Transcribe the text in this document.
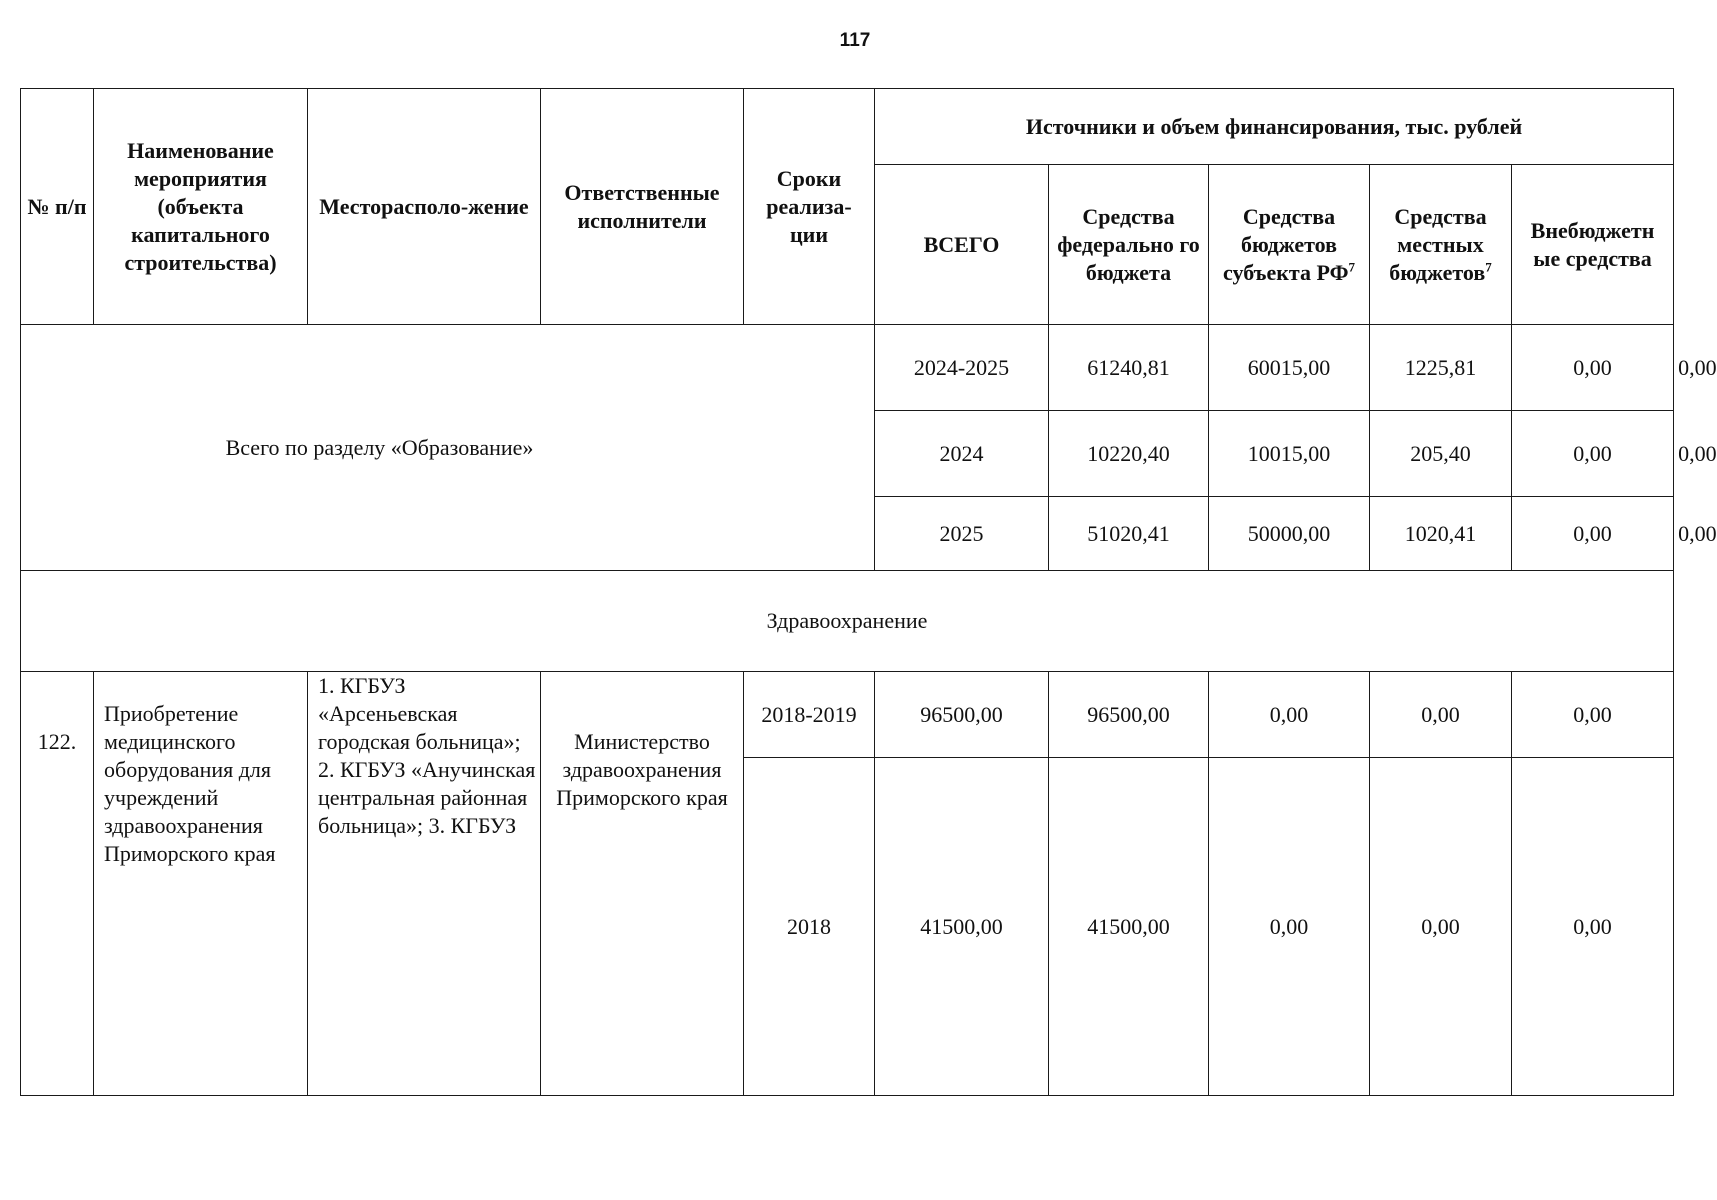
117
№ п/п	Наименование мероприятия (объекта капитального строительства)	Месторасполо-жение	Ответственные исполнители	Сроки реализа-ции	Источники и объем финансирования, тыс. рублей					
					ВСЕГО	Средства федерально го бюджета	Средства бюджетов субъекта $РФ^7$	Средства местных бюджетов$^7$	Внебюджетн ые средства	
Всего по разделу «Образование»					2024-2025	61240,81	60015,00	1225,81	0,00	0,00
					2024	10220,40	10015,00	205,40	0,00	0,00
					2025	51020,41	50000,00	1020,41	0,00	0,00
Здравоохранение										
122.	Приобретение медицинского оборудования для учреждений здравоохранения Приморского края	1. КГБУЗ «Арсеньевская городская больница»; 2. КГБУЗ «Анучинская центральная районная больница»; 3. КГБУЗ	Министерство здравоохранения Приморского края	2018-2019	96500,00	96500,00	0,00	0,00	0,00	
				2018	41500,00	41500,00	0,00	0,00	0,00	
